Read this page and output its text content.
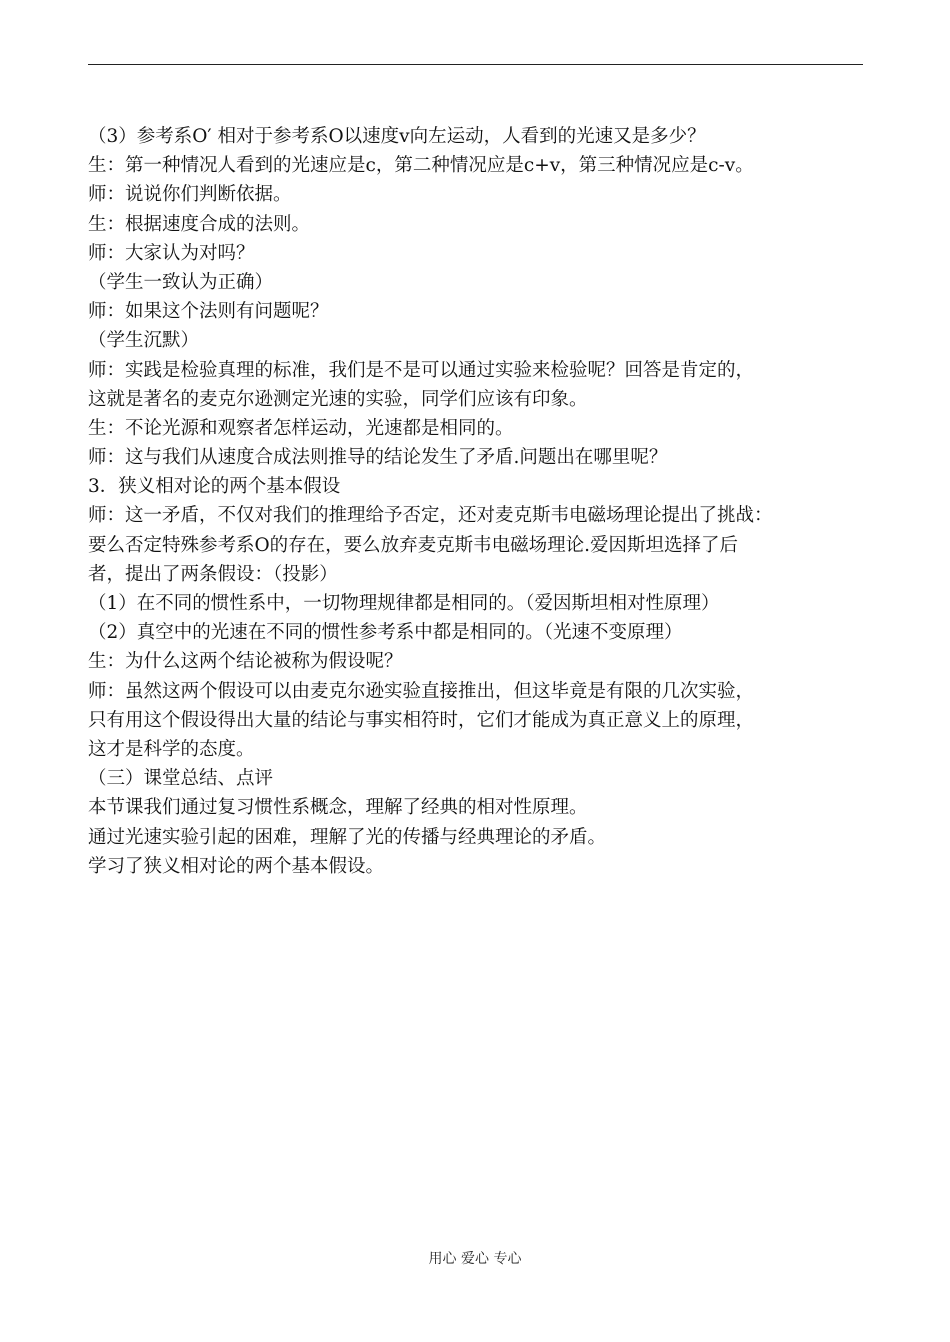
（3）参考系O′ 相对于参考系O以速度v向左运动，人看到的光速又是多少？
生：第一种情况人看到的光速应是c，第二种情况应是c+v，第三种情况应是c-v。
师：说说你们判断依据。
生：根据速度合成的法则。
师：大家认为对吗？
（学生一致认为正确）
师：如果这个法则有问题呢？
（学生沉默）
师：实践是检验真理的标准，我们是不是可以通过实验来检验呢？回答是肯定的，
这就是著名的麦克尔逊测定光速的实验，同学们应该有印象。
生：不论光源和观察者怎样运动，光速都是相同的。
师：这与我们从速度合成法则推导的结论发生了矛盾.问题出在哪里呢？
3．狭义相对论的两个基本假设
师：这一矛盾，不仅对我们的推理给予否定，还对麦克斯韦电磁场理论提出了挑战：
要么否定特殊参考系O的存在，要么放弃麦克斯韦电磁场理论.爱因斯坦选择了后
者，提出了两条假设：（投影）
（1）在不同的惯性系中，一切物理规律都是相同的。（爱因斯坦相对性原理）
（2）真空中的光速在不同的惯性参考系中都是相同的。（光速不变原理）
生：为什么这两个结论被称为假设呢？
师：虽然这两个假设可以由麦克尔逊实验直接推出，但这毕竟是有限的几次实验，
只有用这个假设得出大量的结论与事实相符时，它们才能成为真正意义上的原理，
这才是科学的态度。
（三）课堂总结、点评
本节课我们通过复习惯性系概念，理解了经典的相对性原理。
通过光速实验引起的困难，理解了光的传播与经典理论的矛盾。
学习了狭义相对论的两个基本假设。
用心 爱心 专心
